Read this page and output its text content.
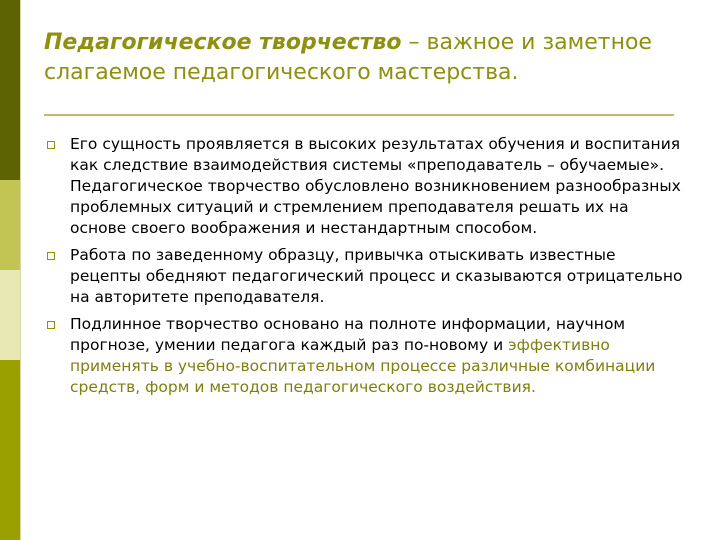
Педагогическое творчество – важное и заметное слагаемое педагогического мастерства.
Его сущность проявляется в высоких результатах обучения и воспитания как следствие взаимодействия системы «преподаватель – обучаемые». Педагогическое творчество обусловлено возникновением разнообразных проблемных ситуаций и стремлением преподавателя решать их на основе своего воображения и нестандартным способом.
Работа по заведенному образцу, привычка отыскивать известные рецепты обедняют педагогический процесс и сказываются отрицательно на авторитете преподавателя.
Подлинное творчество основано на полноте информации, научном прогнозе, умении педагога каждый раз по-новому и эффективно применять в учебно-воспитательном процессе различные комбинации средств, форм и методов педагогического воздействия.
